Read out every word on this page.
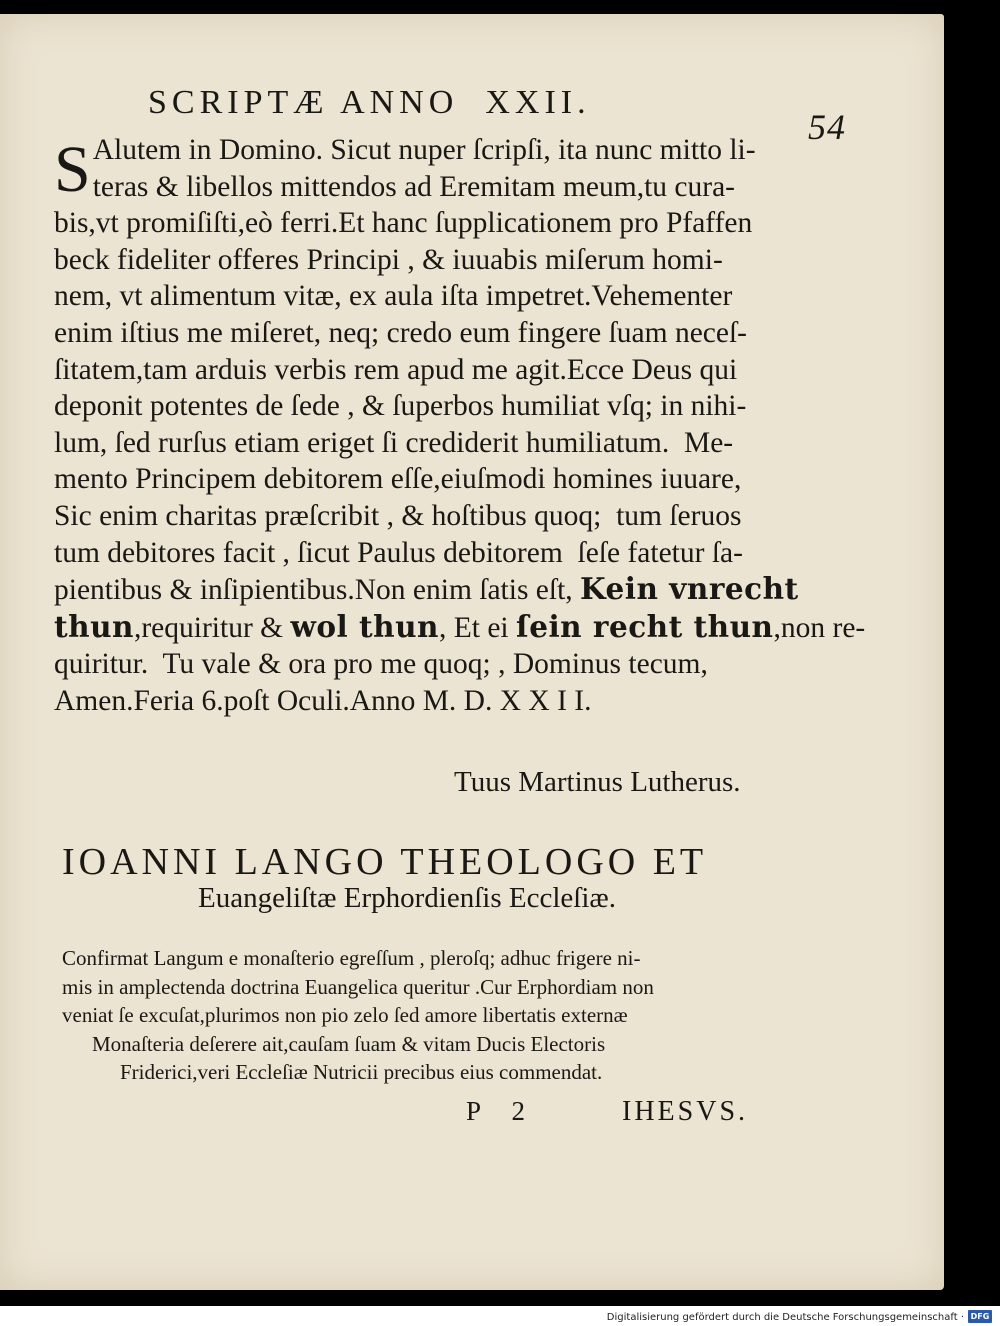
SCRIPTÆ ANNO  XXII.
54
S Alutem in Domino. Sicut nuper ſcripſi, ita nunc mitto li-
teras & libellos mittendos ad Eremitam meum,tu cura-
bis,vt promiſiſti,eò ferri.Et hanc ſupplicationem pro Pfaffen
beck fideliter offeres Principi , & iuuabis miſerum homi-
nem, vt alimentum vitæ, ex aula iſta impetret.Vehementer
enim iſtius me miſeret, neq; credo eum fingere ſuam neceſ-
ſitatem,tam arduis verbis rem apud me agit.Ecce Deus qui
deponit potentes de ſede , & ſuperbos humiliat vſq; in nihi-
lum, ſed rurſus etiam eriget ſi crediderit humiliatum.  Me-
mento Principem debitorem eſſe,eiuſmodi homines iuuare,
Sic enim charitas præſcribit , & hoſtibus quoq;  tum ſeruos
tum debitores facit , ſicut Paulus debitorem  ſeſe fatetur ſa-
pientibus & inſipientibus.Non enim ſatis eſt, Kein vnrecht
thun,requiritur & wol thun, Et ei ſein recht thun,non re-
quiritur.  Tu vale & ora pro me quoq; , Dominus tecum,
Amen.Feria 6.poſt Oculi.Anno M. D. X X I I.
Tuus Martinus Lutherus.
IOANNI LANGO THEOLOGO ET
Euangeliſtæ Erphordienſis Eccleſiæ.
Confirmat Langum e monaſterio egreſſum , pleroſq; adhuc frigere ni-
mis in amplectenda doctrina Euangelica queritur .Cur Erphordiam non
veniat ſe excuſat,plurimos non pio zelo ſed amore libertatis externæ
Monaſteria deſerere ait,cauſam ſuam & vitam Ducis Electoris
Friderici,veri Eccleſiæ Nutricii precibus eius commendat.
P  2	IHESVS.
Digitalisierung gefördert durch die Deutsche Forschungsgemeinschaft · DFG
